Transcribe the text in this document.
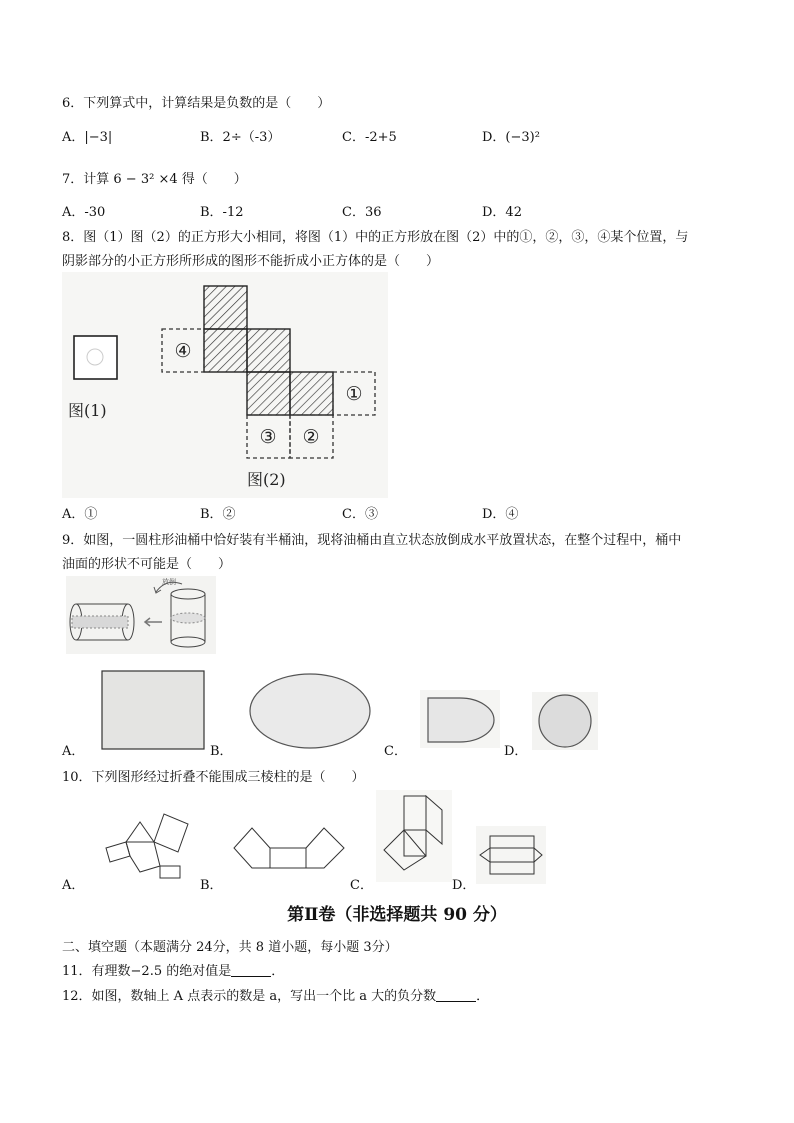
6．下列算式中，计算结果是负数的是（　　）
A．|−3|	B．2÷（-3）	C．-2+5	D．(−3)²
7．计算 6 − 3² ×4 得（　　）
A．-30	B．-12	C．36	D．42
8．图（1）图（2）的正方形大小相同，将图（1）中的正方形放在图（2）中的①，②，③，④某个位置，与
阴影部分的小正方形所形成的图形不能折成小正方体的是（　　）
图(1)
④
①
③ ②
图(2)
A．①	B．②	C．③	D．④
9．如图，一圆柱形油桶中恰好装有半桶油，现将油桶由直立状态放倒成水平放置状态，在整个过程中，桶中
油面的形状不可能是（　　）
放倒
A．	B．	C．	D．
10．下列图形经过折叠不能围成三棱柱的是（　　）
A．	B．	C．	D．
第Ⅱ卷（非选择题共 90 分）
二、填空题（本题满分 24分，共 8 道小题，每小题 3分）
11．有理数−2.5 的绝对值是	．
12．如图，数轴上 A 点表示的数是 a，写出一个比 a 大的负分数	．
